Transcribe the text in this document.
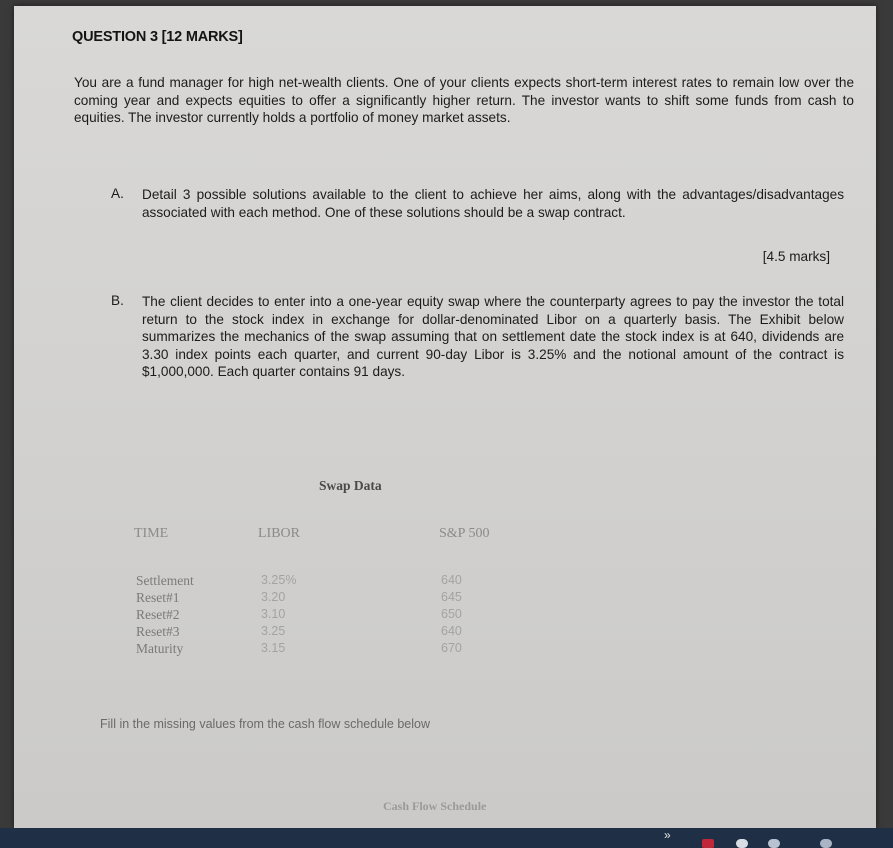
QUESTION 3 [12 MARKS]
You are a fund manager for high net-wealth clients. One of your clients expects short-term interest rates to remain low over the coming year and expects equities to offer a significantly higher return. The investor wants to shift some funds from cash to equities. The investor currently holds a portfolio of money market assets.
A. Detail 3 possible solutions available to the client to achieve her aims, along with the advantages/disadvantages associated with each method. One of these solutions should be a swap contract.
[4.5 marks]
B. The client decides to enter into a one-year equity swap where the counterparty agrees to pay the investor the total return to the stock index in exchange for dollar-denominated Libor on a quarterly basis. The Exhibit below summarizes the mechanics of the swap assuming that on settlement date the stock index is at 640, dividends are 3.30 index points each quarter, and current 90-day Libor is 3.25% and the notional amount of the contract is $1,000,000. Each quarter contains 91 days.
Swap Data
TIME	LIBOR	S&P 500
Settlement
Reset#1
Reset#2
Reset#3
Maturity
3.25%
3.20
3.10
3.25
3.15
640
645
650
640
670
Fill in the missing values from the cash flow schedule below
Cash Flow Schedule
»
